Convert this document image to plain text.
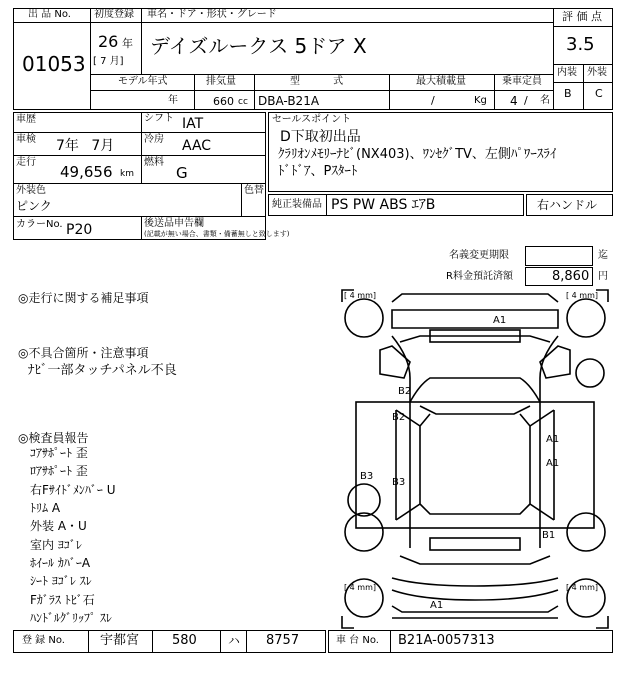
出 品 No.
01053
初度登録
26 年
[ 7 月]
車名・ドア・形状・グレード
デイズルークス 5ドア X
評 価 点
3.5
内装 外装
B C
モデル年式
年
排気量
660 cc
型 式
DBA-B21A
最大積載量
/	Kg
乗車定員
4 / 名
車歴	シフト IAT
車検 7年 7月	冷房 AAC
走行
49,656 km
燃料
G
外装色
ピンク
色替
カラーNo. P20	後送品申告欄
(記載が無い場合、書類・備蓄無しと致します)
セールスポイント
D下取初出品
ｸﾗﾘｵﾝﾒﾓﾘｰﾅﾋﾞ(NX403)、ﾜﾝｾｸﾞTV、左側ﾊﾟﾜｰｽﾗｲ
ﾄﾞﾄﾞｱ、Pｽﾀｰﾄ
純正装備品 PS PW ABS ｴｱB	右ハンドル
名義変更期限	迄
R料金預託済額	8,860 円
◎走行に関する補足事項
◎不具合箇所・注意事項
ﾅﾋﾞ一部タッチパネル不良
◎検査員報告
ｺｱｻﾎﾟｰﾄ 歪
ﾛｱｻﾎﾟｰﾄ 歪
右Fｻｲﾄﾞﾒﾝﾊﾞｰ U
ﾄﾘﾑ A
外装 A・U
室内 ﾖｺﾞﾚ
ﾎｲｰﾙ ｶﾊﾞｰA
ｼｰﾄ ﾖｺﾞﾚ ｽﾚ
Fｶﾞﾗｽ ﾄﾋﾞ石
ﾊﾝﾄﾞﾙｸﾞﾘｯﾌﾟ ｽﾚ
[ 4 mm]	[ 4 mm]
[ 4 mm]	[ 4 mm]
A1
B2
B2
A1
A1
B3
B3
B1
A1
登 録 No.	宇都宮	580	ハ 8757	車 台 No. B21A-0057313
